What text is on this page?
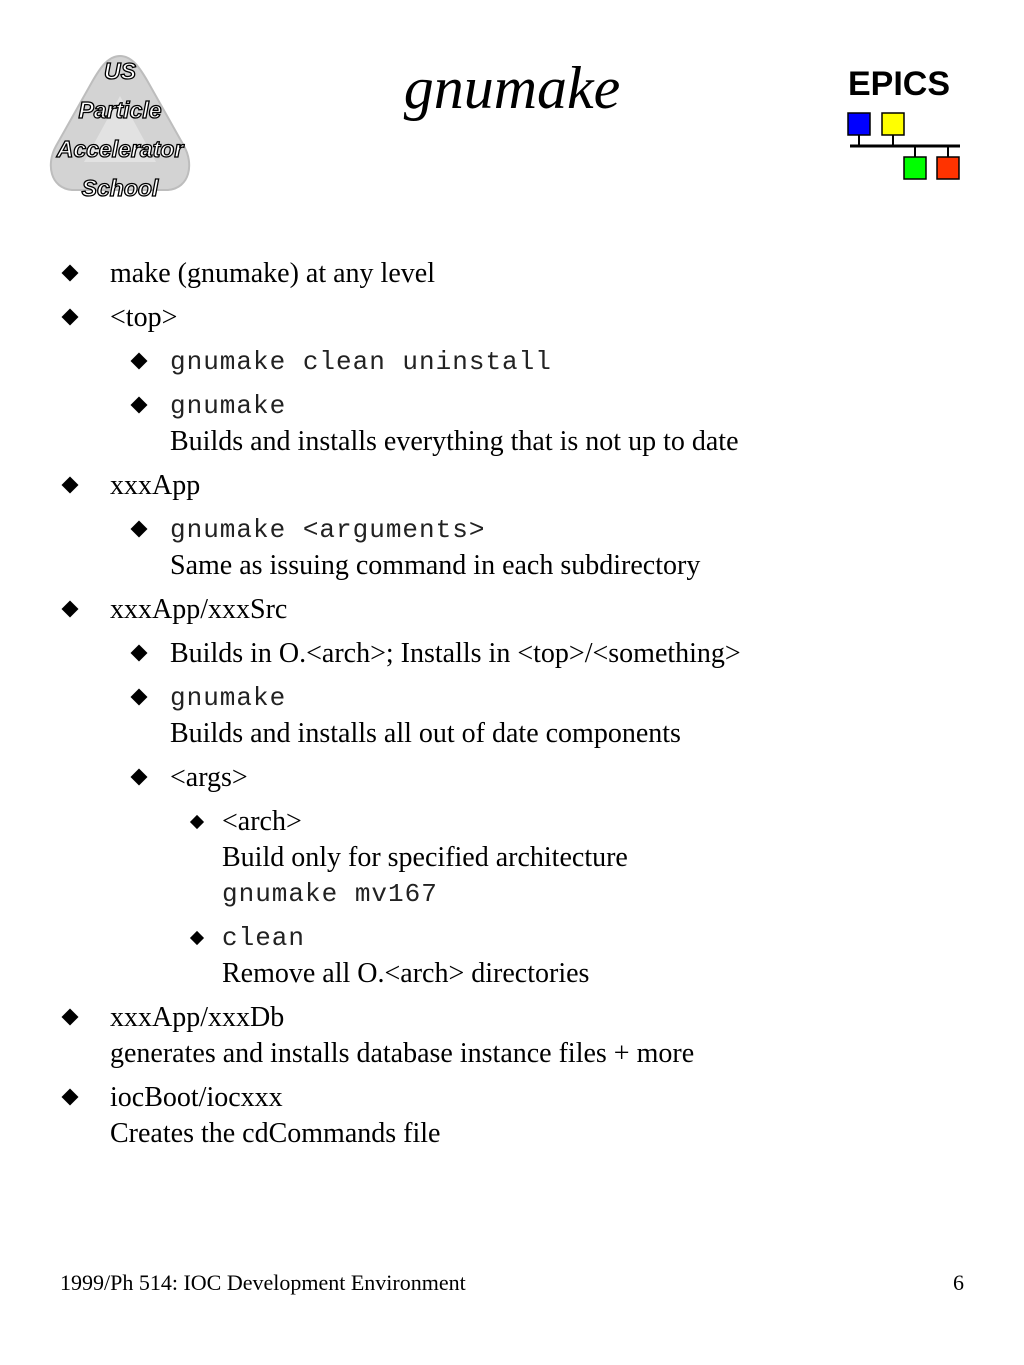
US
Particle
Accelerator
School
gnumake	EPICS
make (gnumake) at any level
<top>
gnumake clean uninstall
gnumake
Builds and installs everything that is not up to date
xxxApp
gnumake <arguments>
Same as issuing command in each subdirectory
xxxApp/xxxSrc
Builds in O.<arch>; Installs in <top>/<something>
gnumake
Builds and installs all out of date components
<args>
<arch>
Build only for specified architecture
gnumake mv167
clean
Remove all O.<arch> directories
xxxApp/xxxDb
generates and installs database instance files + more
iocBoot/iocxxx
Creates the cdCommands file
1999/Ph 514: IOC Development Environment	6
